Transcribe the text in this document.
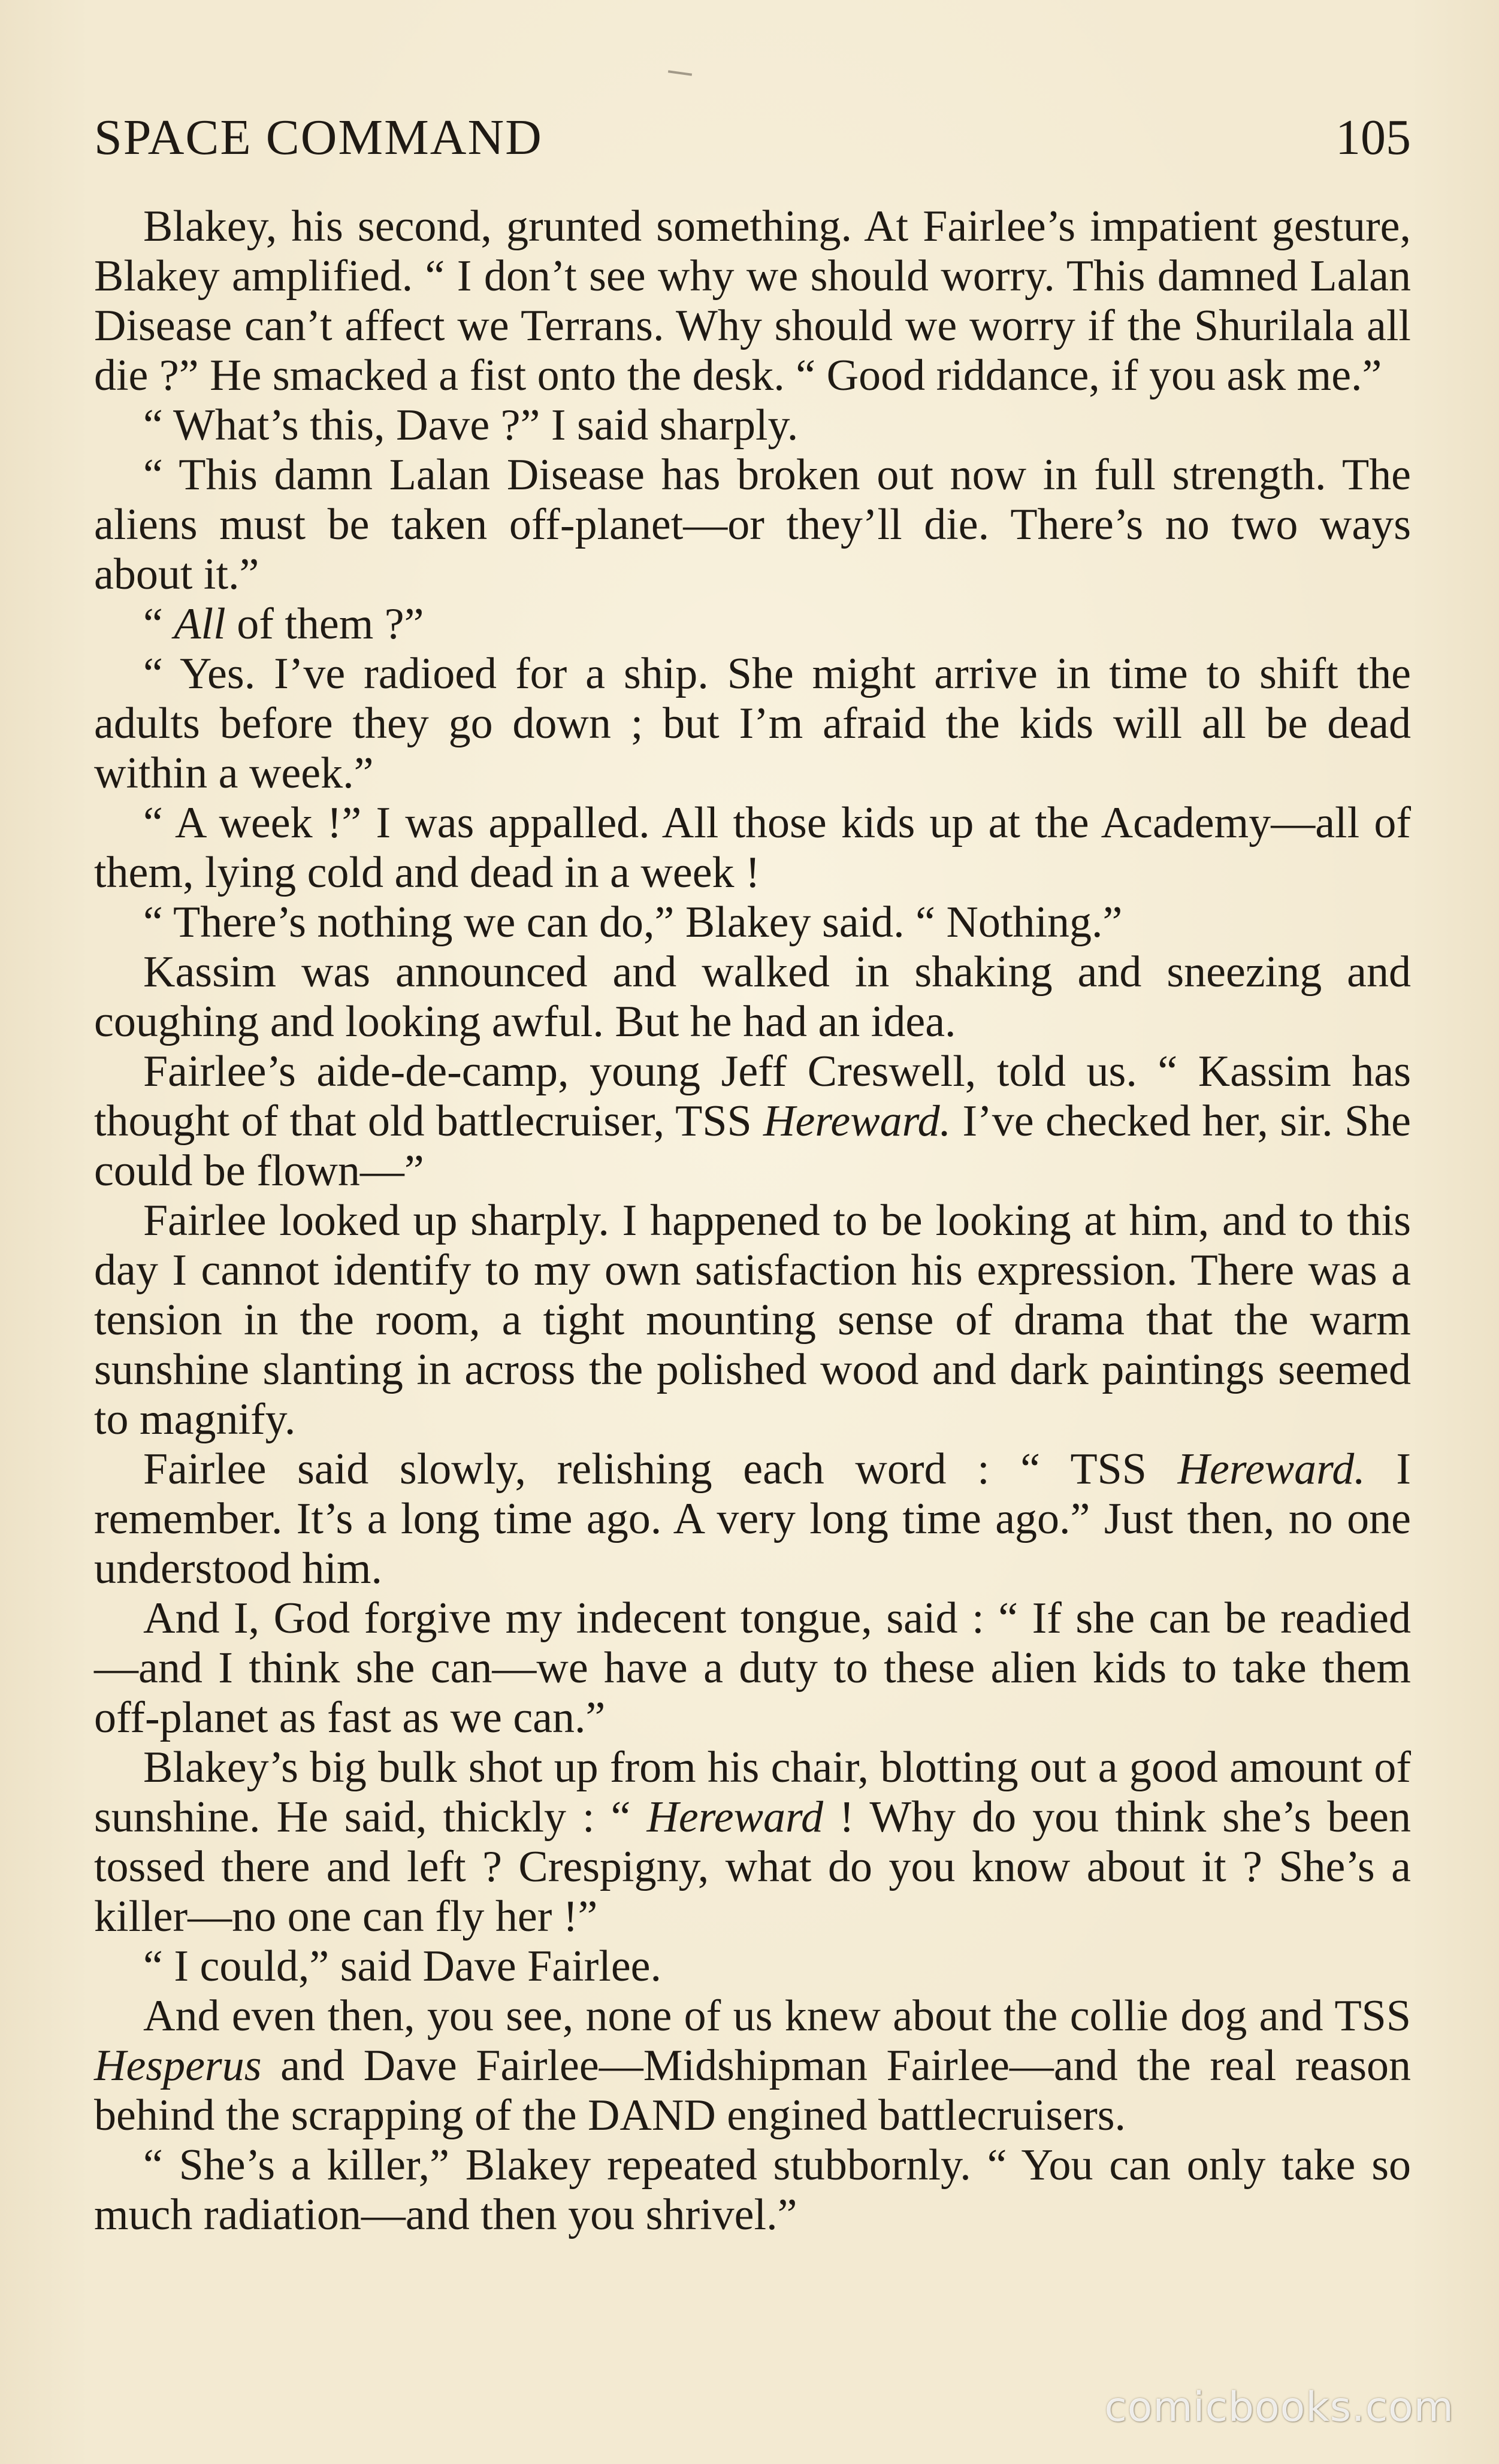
SPACE COMMAND	105

Blakey, his second, grunted something. At Fairlee’s impatient gesture, Blakey amplified. “ I don’t see why we should worry. This damned Lalan Disease can’t affect we Terrans. Why should we worry if the Shurilala all die ?” He smacked a fist onto the desk. “ Good riddance, if you ask me.”

“ What’s this, Dave ?” I said sharply.

“ This damn Lalan Disease has broken out now in full strength. The aliens must be taken off-planet—or they’ll die. There’s no two ways about it.”

“ All of them ?”

“ Yes. I’ve radioed for a ship. She might arrive in time to shift the adults before they go down ; but I’m afraid the kids will all be dead within a week.”

“ A week !” I was appalled. All those kids up at the Academy—all of them, lying cold and dead in a week !

“ There’s nothing we can do,” Blakey said. “ Nothing.”

Kassim was announced and walked in shaking and sneezing and coughing and looking awful. But he had an idea.

Fairlee’s aide-de-camp, young Jeff Creswell, told us. “ Kassim has thought of that old battlecruiser, TSS Hereward. I’ve checked her, sir. She could be flown—”

Fairlee looked up sharply. I happened to be looking at him, and to this day I cannot identify to my own satisfaction his expression. There was a tension in the room, a tight mounting sense of drama that the warm sunshine slanting in across the polished wood and dark paintings seemed to magnify.

Fairlee said slowly, relishing each word : “ TSS Hereward. I remember. It’s a long time ago. A very long time ago.” Just then, no one understood him.

And I, God forgive my indecent tongue, said : “ If she can be readied—and I think she can—we have a duty to these alien kids to take them off-planet as fast as we can.”

Blakey’s big bulk shot up from his chair, blotting out a good amount of sunshine. He said, thickly : “ Hereward ! Why do you think she’s been tossed there and left ? Crespigny, what do you know about it ? She’s a killer—no one can fly her !”

“ I could,” said Dave Fairlee.

And even then, you see, none of us knew about the collie dog and TSS Hesperus and Dave Fairlee—Midshipman Fairlee—and the real reason behind the scrapping of the DAND engined battlecruisers.

“ She’s a killer,” Blakey repeated stubbornly. “ You can only take so much radiation—and then you shrivel.”

comicbooks.com
